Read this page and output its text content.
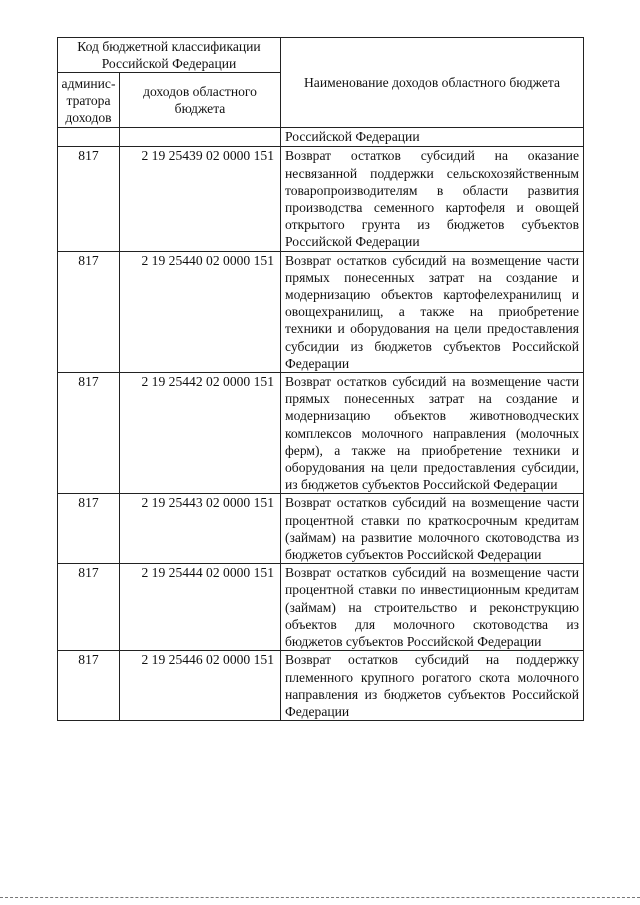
Код бюджетной классификации Российской Федерации		Наименование доходов областного бюджета
админис-тратора доходов	доходов областного бюджета	
		Российской Федерации
817	2 19 25439 02 0000 151	Возврат остатков субсидий на оказание несвязанной поддержки сельскохозяйственным товаропроизводителям в области развития производства семенного картофеля и овощей открытого грунта из бюджетов субъектов Российской Федерации
817	2 19 25440 02 0000 151	Возврат остатков субсидий на возмещение части прямых понесенных затрат на создание и модернизацию объектов картофелехранилищ и овощехранилищ, а также на приобретение техники и оборудования на цели предоставления субсидии из бюджетов субъектов Российской Федерации
817	2 19 25442 02 0000 151	Возврат остатков субсидий на возмещение части прямых понесенных затрат на создание и модернизацию объектов животноводческих комплексов молочного направления (молочных ферм), а также на приобретение техники и оборудования на цели предоставления субсидии, из бюджетов субъектов Российской Федерации
817	2 19 25443 02 0000 151	Возврат остатков субсидий на возмещение части процентной ставки по краткосрочным кредитам (займам) на развитие молочного скотоводства из бюджетов субъектов Российской Федерации
817	2 19 25444 02 0000 151	Возврат остатков субсидий на возмещение части процентной ставки по инвестиционным кредитам (займам) на строительство и реконструкцию объектов для молочного скотоводства из бюджетов субъектов Российской Федерации
817	2 19 25446 02 0000 151	Возврат остатков субсидий на поддержку племенного крупного рогатого скота молочного направления из бюджетов субъектов Российской Федерации
